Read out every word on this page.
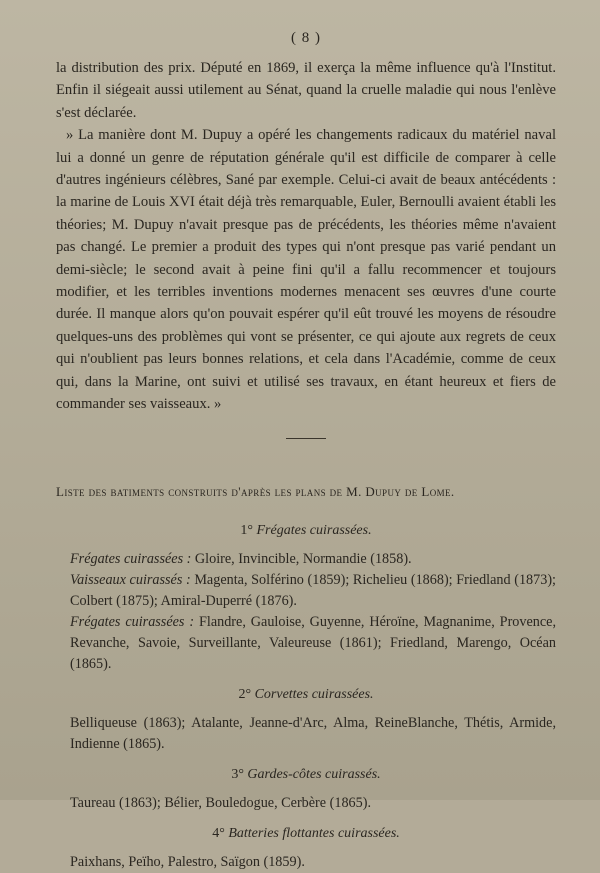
( 8 )

la distribution des prix. Député en 1869, il exerça la même influence qu'à l'Institut. Enfin il siégeait aussi utilement au Sénat, quand la cruelle maladie qui nous l'enlève s'est déclarée.

» La manière dont M. Dupuy a opéré les changements radicaux du matériel naval lui a donné un genre de réputation générale qu'il est difficile de comparer à celle d'autres ingénieurs célèbres, Sané par exemple. Celui-ci avait de beaux antécédents : la marine de Louis XVI était déjà très remarquable, Euler, Bernoulli avaient établi les théories; M. Dupuy n'avait presque pas de précédents, les théories même n'avaient pas changé. Le premier a produit des types qui n'ont presque pas varié pendant un demi-siècle; le second avait à peine fini qu'il a fallu recommencer et toujours modifier, et les terribles inventions modernes menacent ses œuvres d'une courte durée. Il manque alors qu'on pouvait espérer qu'il eût trouvé les moyens de résoudre quelques-uns des problèmes qui vont se présenter, ce qui ajoute aux regrets de ceux qui n'oublient pas leurs bonnes relations, et cela dans l'Académie, comme de ceux qui, dans la Marine, ont suivi et utilisé ses travaux, en étant heureux et fiers de commander ses vaisseaux. »

Liste des batiments construits d'après les plans de M. Dupuy de Lome.
1° Frégates cuirassées.

Frégates cuirassées : Gloire, Invincible, Normandie (1858).

Vaisseaux cuirassés : Magenta, Solférino (1859); Richelieu (1868); Friedland (1873); Colbert (1875); Amiral-Duperré (1876).

Frégates cuirassées : Flandre, Gauloise, Guyenne, Héroïne, Magnanime, Provence, Revanche, Savoie, Surveillante, Valeureuse (1861); Friedland, Marengo, Océan (1865).

2° Corvettes cuirassées.

Belliqueuse (1863); Atalante, Jeanne-d'Arc, Alma, ReineBlanche, Thétis, Armide, Indienne (1865).

3° Gardes-côtes cuirassés.

Taureau (1863); Bélier, Bouledogue, Cerbère (1865).

4° Batteries flottantes cuirassées.

Paixhans, Peïho, Palestro, Saïgon (1859).
